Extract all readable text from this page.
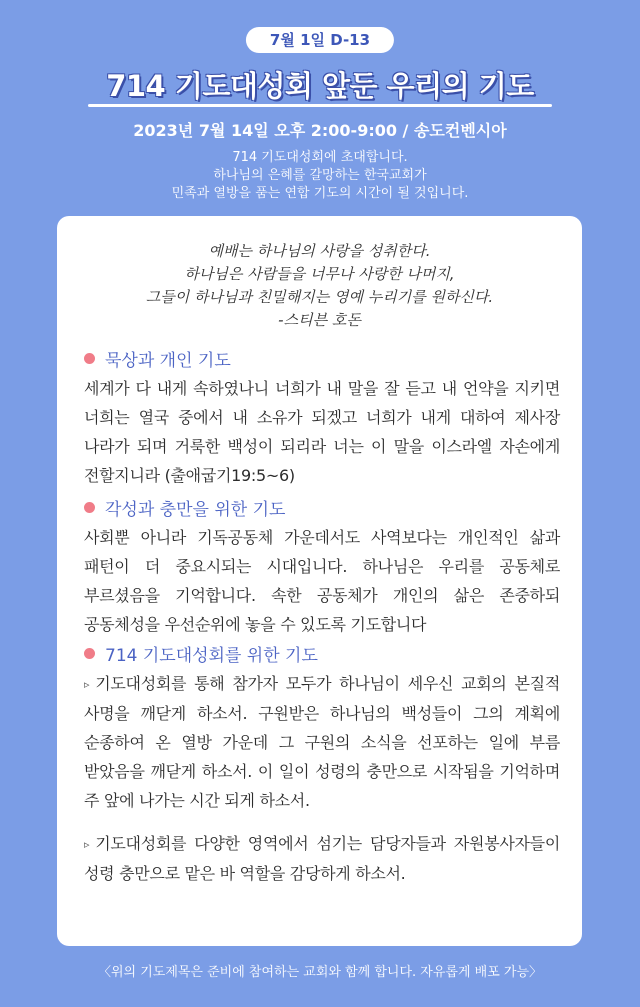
7월 1일 D-13
714 기도대성회 앞둔 우리의 기도
2023년 7월 14일 오후 2:00-9:00 / 송도컨벤시아
714 기도대성회에 초대합니다.
하나님의 은혜를 갈망하는 한국교회가
민족과 열방을 품는 연합 기도의 시간이 될 것입니다.
예배는 하나님의 사랑을 성취한다.
하나님은 사람들을 너무나 사랑한 나머지,
그들이 하나님과 친밀해지는 영예 누리기를 원하신다.
-스티븐 호돈
묵상과 개인 기도
세계가 다 내게 속하였나니 너희가 내 말을 잘 듣고 내 언약을 지키면 너희는 열국 중에서 내 소유가 되겠고 너희가 내게 대하여 제사장 나라가 되며 거룩한 백성이 되리라 너는 이 말을 이스라엘 자손에게 전할지니라 (출애굽기19:5~6)
각성과 충만을 위한 기도
사회뿐 아니라 기독공동체 가운데서도 사역보다는 개인적인 삶과 패턴이 더 중요시되는 시대입니다. 하나님은 우리를 공동체로 부르셨음을 기억합니다. 속한 공동체가 개인의 삶은 존중하되 공동체성을 우선순위에 놓을 수 있도록 기도합니다
714 기도대성회를 위한 기도
▹ 기도대성회를 통해 참가자 모두가 하나님이 세우신 교회의 본질적 사명을 깨닫게 하소서. 구원받은 하나님의 백성들이 그의 계획에 순종하여 온 열방 가운데 그 구원의 소식을 선포하는 일에 부름 받았음을 깨닫게 하소서. 이 일이 성령의 충만으로 시작됨을 기억하며 주 앞에 나가는 시간 되게 하소서.
▹ 기도대성회를 다양한 영역에서 섬기는 담당자들과 자원봉사자들이 성령 충만으로 맡은 바 역할을 감당하게 하소서.
〈위의 기도제목은 준비에 참여하는 교회와 함께 합니다. 자유롭게 배포 가능〉
